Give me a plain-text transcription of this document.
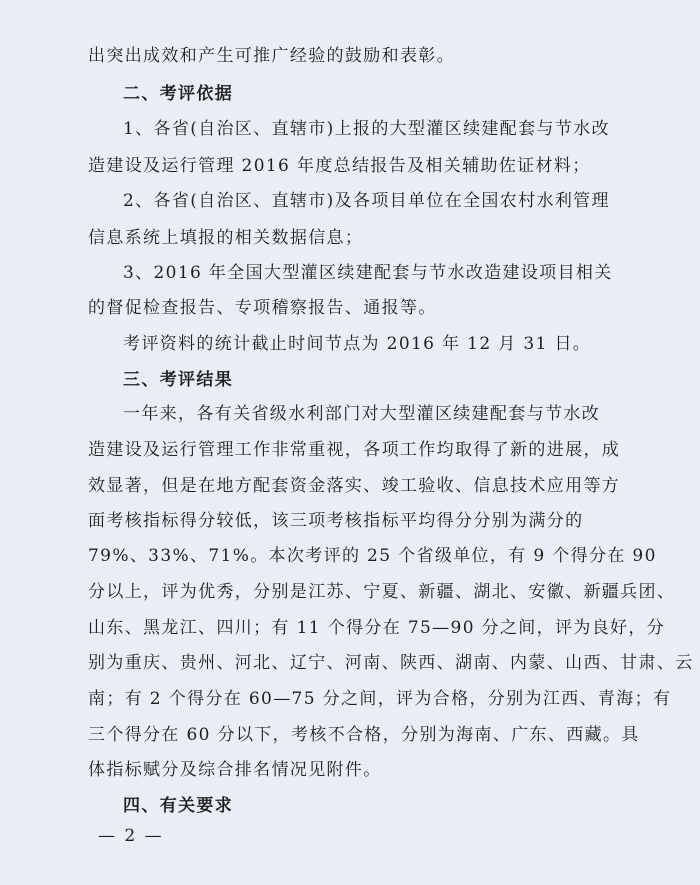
出突出成效和产生可推广经验的鼓励和表彰。
二、考评依据
1、各省(自治区、直辖市)上报的大型灌区续建配套与节水改
造建设及运行管理 2016 年度总结报告及相关辅助佐证材料；
2、各省(自治区、直辖市)及各项目单位在全国农村水利管理
信息系统上填报的相关数据信息；
3、2016 年全国大型灌区续建配套与节水改造建设项目相关
的督促检查报告、专项稽察报告、通报等。
考评资料的统计截止时间节点为 2016 年 12 月 31 日。
三、考评结果
一年来，各有关省级水利部门对大型灌区续建配套与节水改
造建设及运行管理工作非常重视，各项工作均取得了新的进展，成
效显著，但是在地方配套资金落实、竣工验收、信息技术应用等方
面考核指标得分较低，该三项考核指标平均得分分别为满分的
79%、33%、71%。本次考评的 25 个省级单位，有 9 个得分在 90
分以上，评为优秀，分别是江苏、宁夏、新疆、湖北、安徽、新疆兵团、
山东、黑龙江、四川；有 11 个得分在 75—90 分之间，评为良好，分
别为重庆、贵州、河北、辽宁、河南、陕西、湖南、内蒙、山西、甘肃、云
南；有 2 个得分在 60—75 分之间，评为合格，分别为江西、青海；有
三个得分在 60 分以下，考核不合格，分别为海南、广东、西藏。具
体指标赋分及综合排名情况见附件。
四、有关要求
— 2 —
